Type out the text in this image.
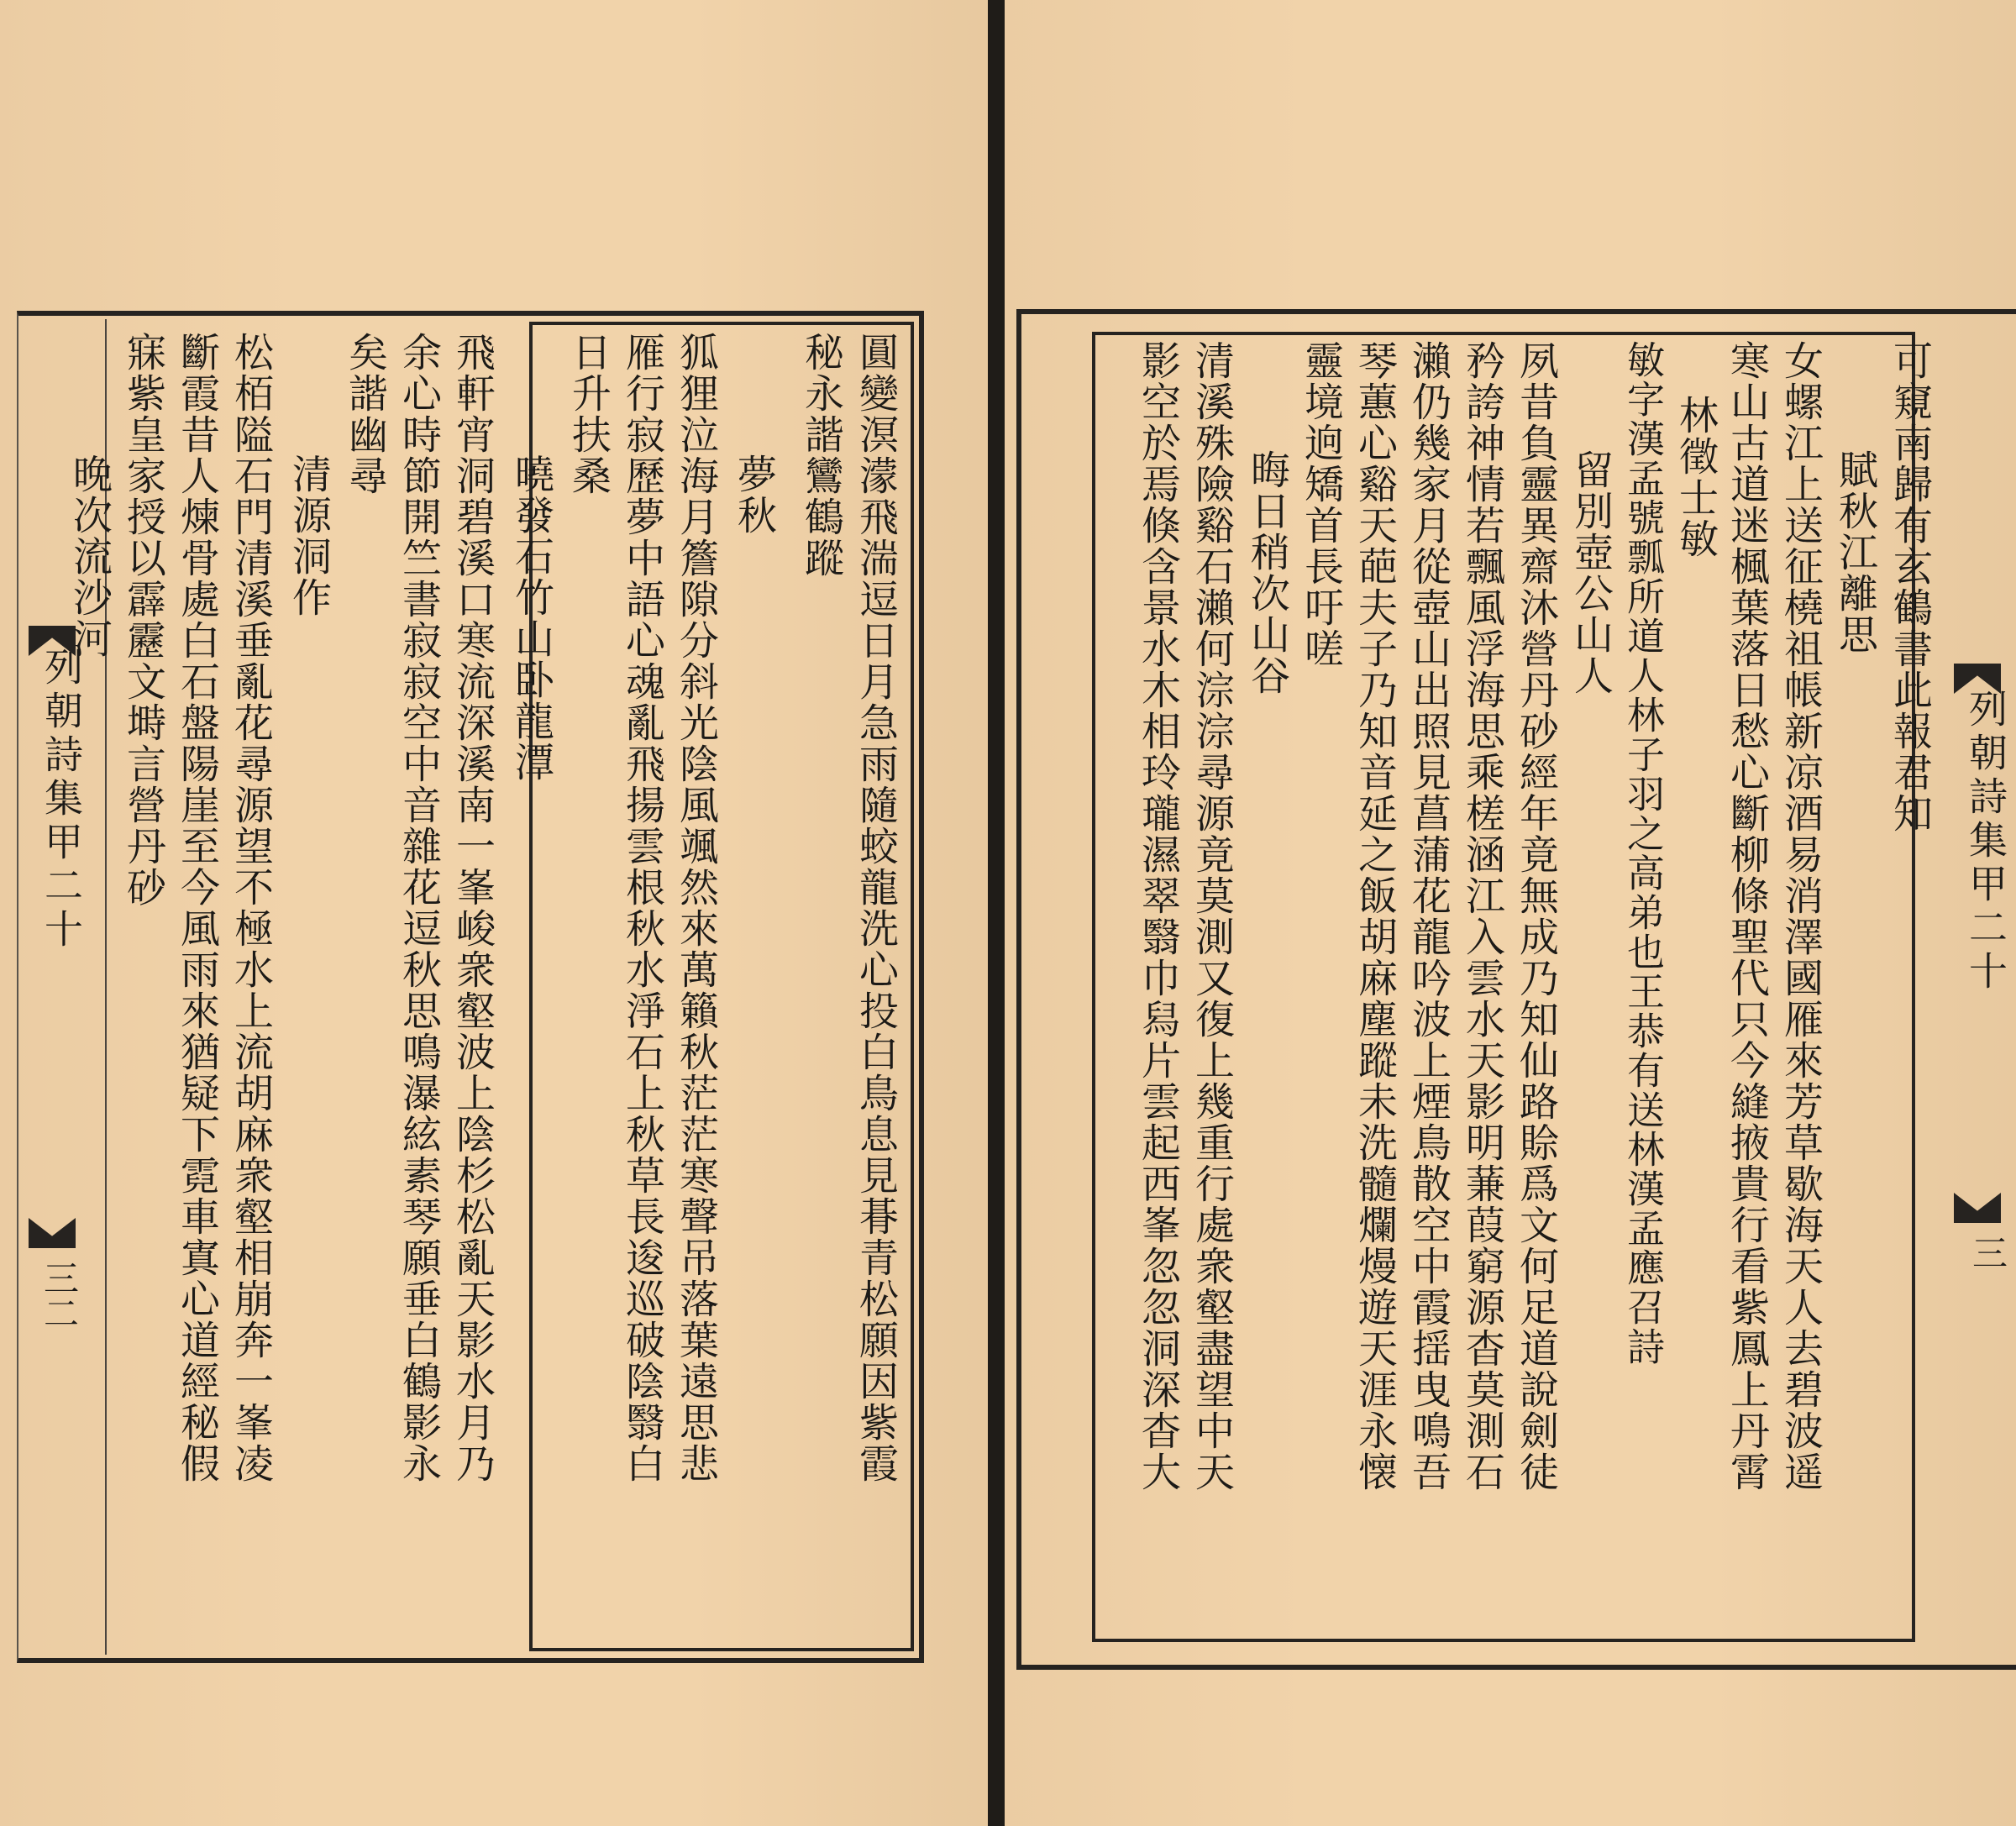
列朝詩集甲二十
三二	圓變溟濛飛湍逗日月急雨隨蛟龍洗心投白鳥息見朞青松願因紫霞
秘永諧鸞鶴蹤
夢秋
狐狸泣海月簷隙分斜光陰風颯然來萬籟秋茫茫寒聲吊落葉遠思悲
雁行寂歷夢中語心魂亂飛揚雲根秋水淨石上秋草長逡巡破陰翳白
日升扶桑
曉發石竹山卧龍潭
飛軒宵洞碧溪口寒流深溪南一峯峻衆壑波上陰杉松亂天影水月乃
余心時節開竺書寂寂空中音雜花逗秋思鳴瀑絃素琴願垂白鶴影永
矣諧幽尋
清源洞作
松栢隘石門清溪垂亂花尋源望不極水上流胡麻衆壑相崩奔一峯凌
斷霞昔人煉骨處白石盤陽崖至今風雨來猶疑下霓車寘心道經秘假
寐紫皇家授以霹靂文塒言營丹砂
晚次流沙河
列朝詩集甲二十
三
可窺南歸有玄鶴書此報君知
賦秋江離思
女螺江上送征橈祖帳新凉酒易消澤國雁來芳草歇海天人去碧波遥
寒山古道迷楓葉落日愁心斷柳條聖代只今縫掖貴行看紫鳳上丹霄
林徵士敏
敏字漢孟號瓢所道人林子羽之高弟也王恭有送林漢孟應召詩
留別壺公山人
夙昔負靈異齋沐營丹砂經年竟無成乃知仙路賒爲文何足道說劍徒
矜誇神情若飄風浮海思乘槎涵江入雲水天影明蒹葭窮源杳莫測石
瀨仍幾家月從壺山出照見菖蒲花龍吟波上煙鳥散空中霞揺曳鳴吾
琴蕙心谿天葩夫子乃知音延之飯胡麻塵蹤未洗髓爛熳遊天涯永懐
靈境逈矯首長吁嗟
晦日稍次山谷
清溪殊險谿石瀨何淙淙尋源竟莫測又復上幾重行處衆壑盡望中天
影空於焉倏含景水木相玲瓏濕翠翳巾舄片雲起西峯忽忽洞深杳大
